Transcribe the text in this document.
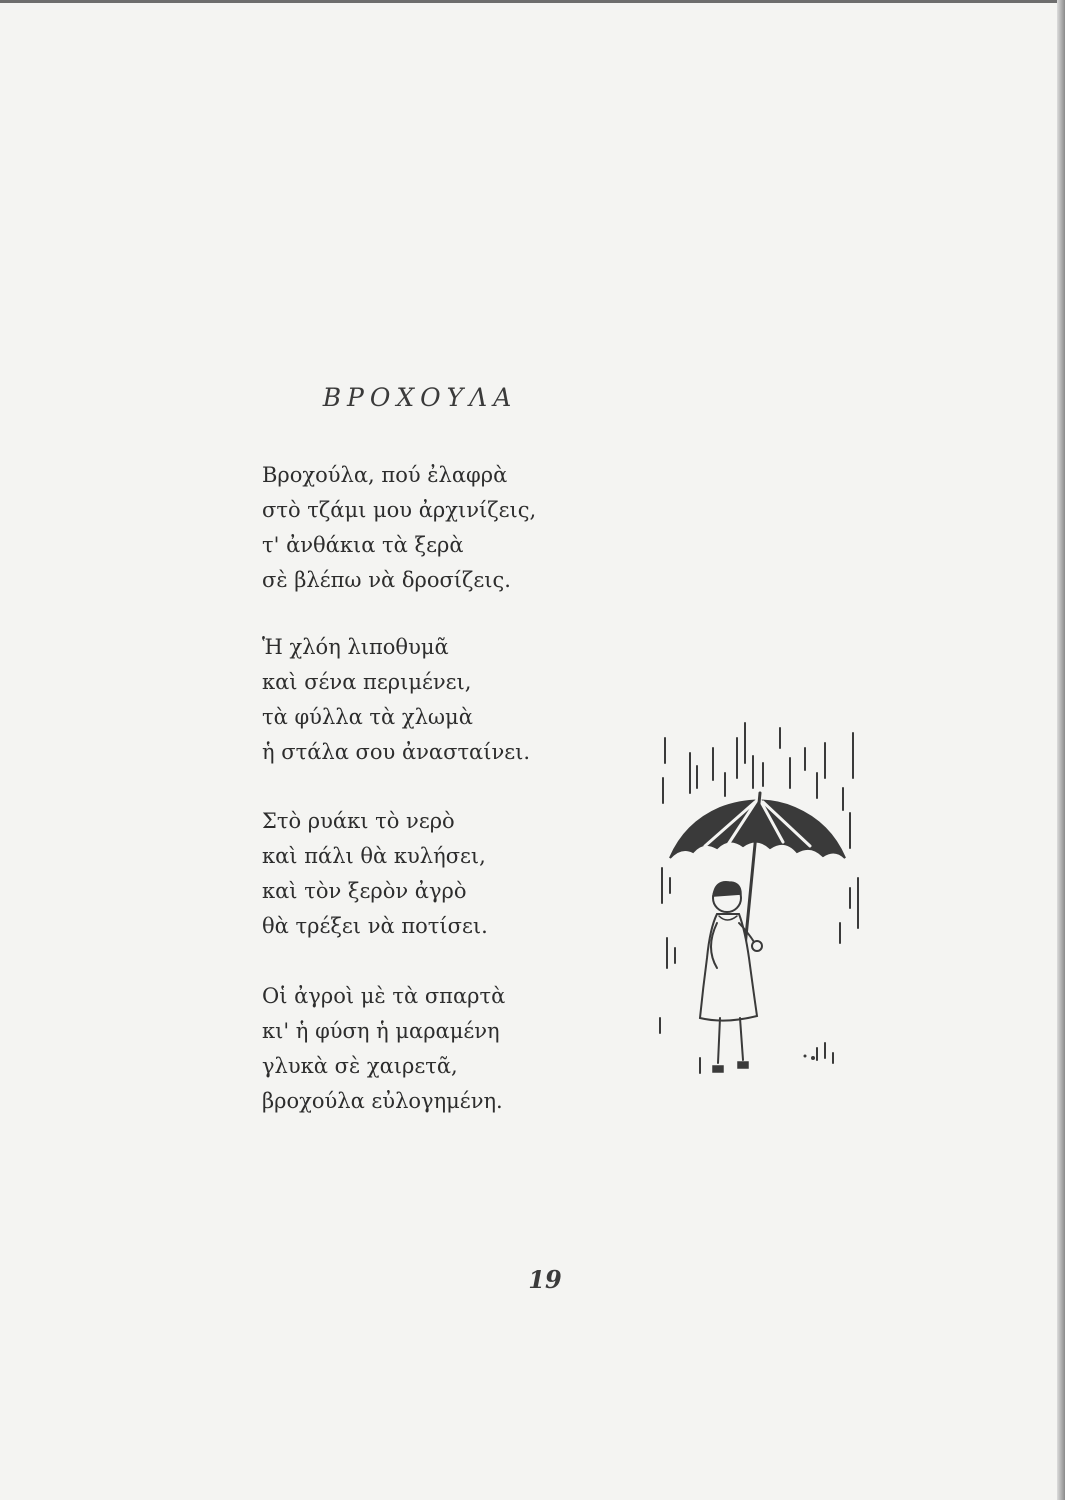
ΒΡΟΧΟΥΛΑ
Βροχούλα, πού ἐλαφρὰ
στὸ τζάμι μου ἀρχινίζεις,
τ' ἀνθάκια τὰ ξερὰ
σὲ βλέπω νὰ δροσίζεις.
Ἡ χλόη λιποθυμᾶ
καὶ σένα περιμένει,
τὰ φύλλα τὰ χλωμὰ
ἡ στάλα σου ἀνασταίνει.
Στὸ ρυάκι τὸ νερὸ
καὶ πάλι θὰ κυλήσει,
καὶ τὸν ξερὸν ἀγρὸ
θὰ τρέξει νὰ ποτίσει.
Οἱ ἀγροὶ μὲ τὰ σπαρτὰ
κι' ἡ φύση ἡ μαραμένη
γλυκὰ σὲ χαιρετᾶ,
βροχούλα εὐλογημένη.
19
